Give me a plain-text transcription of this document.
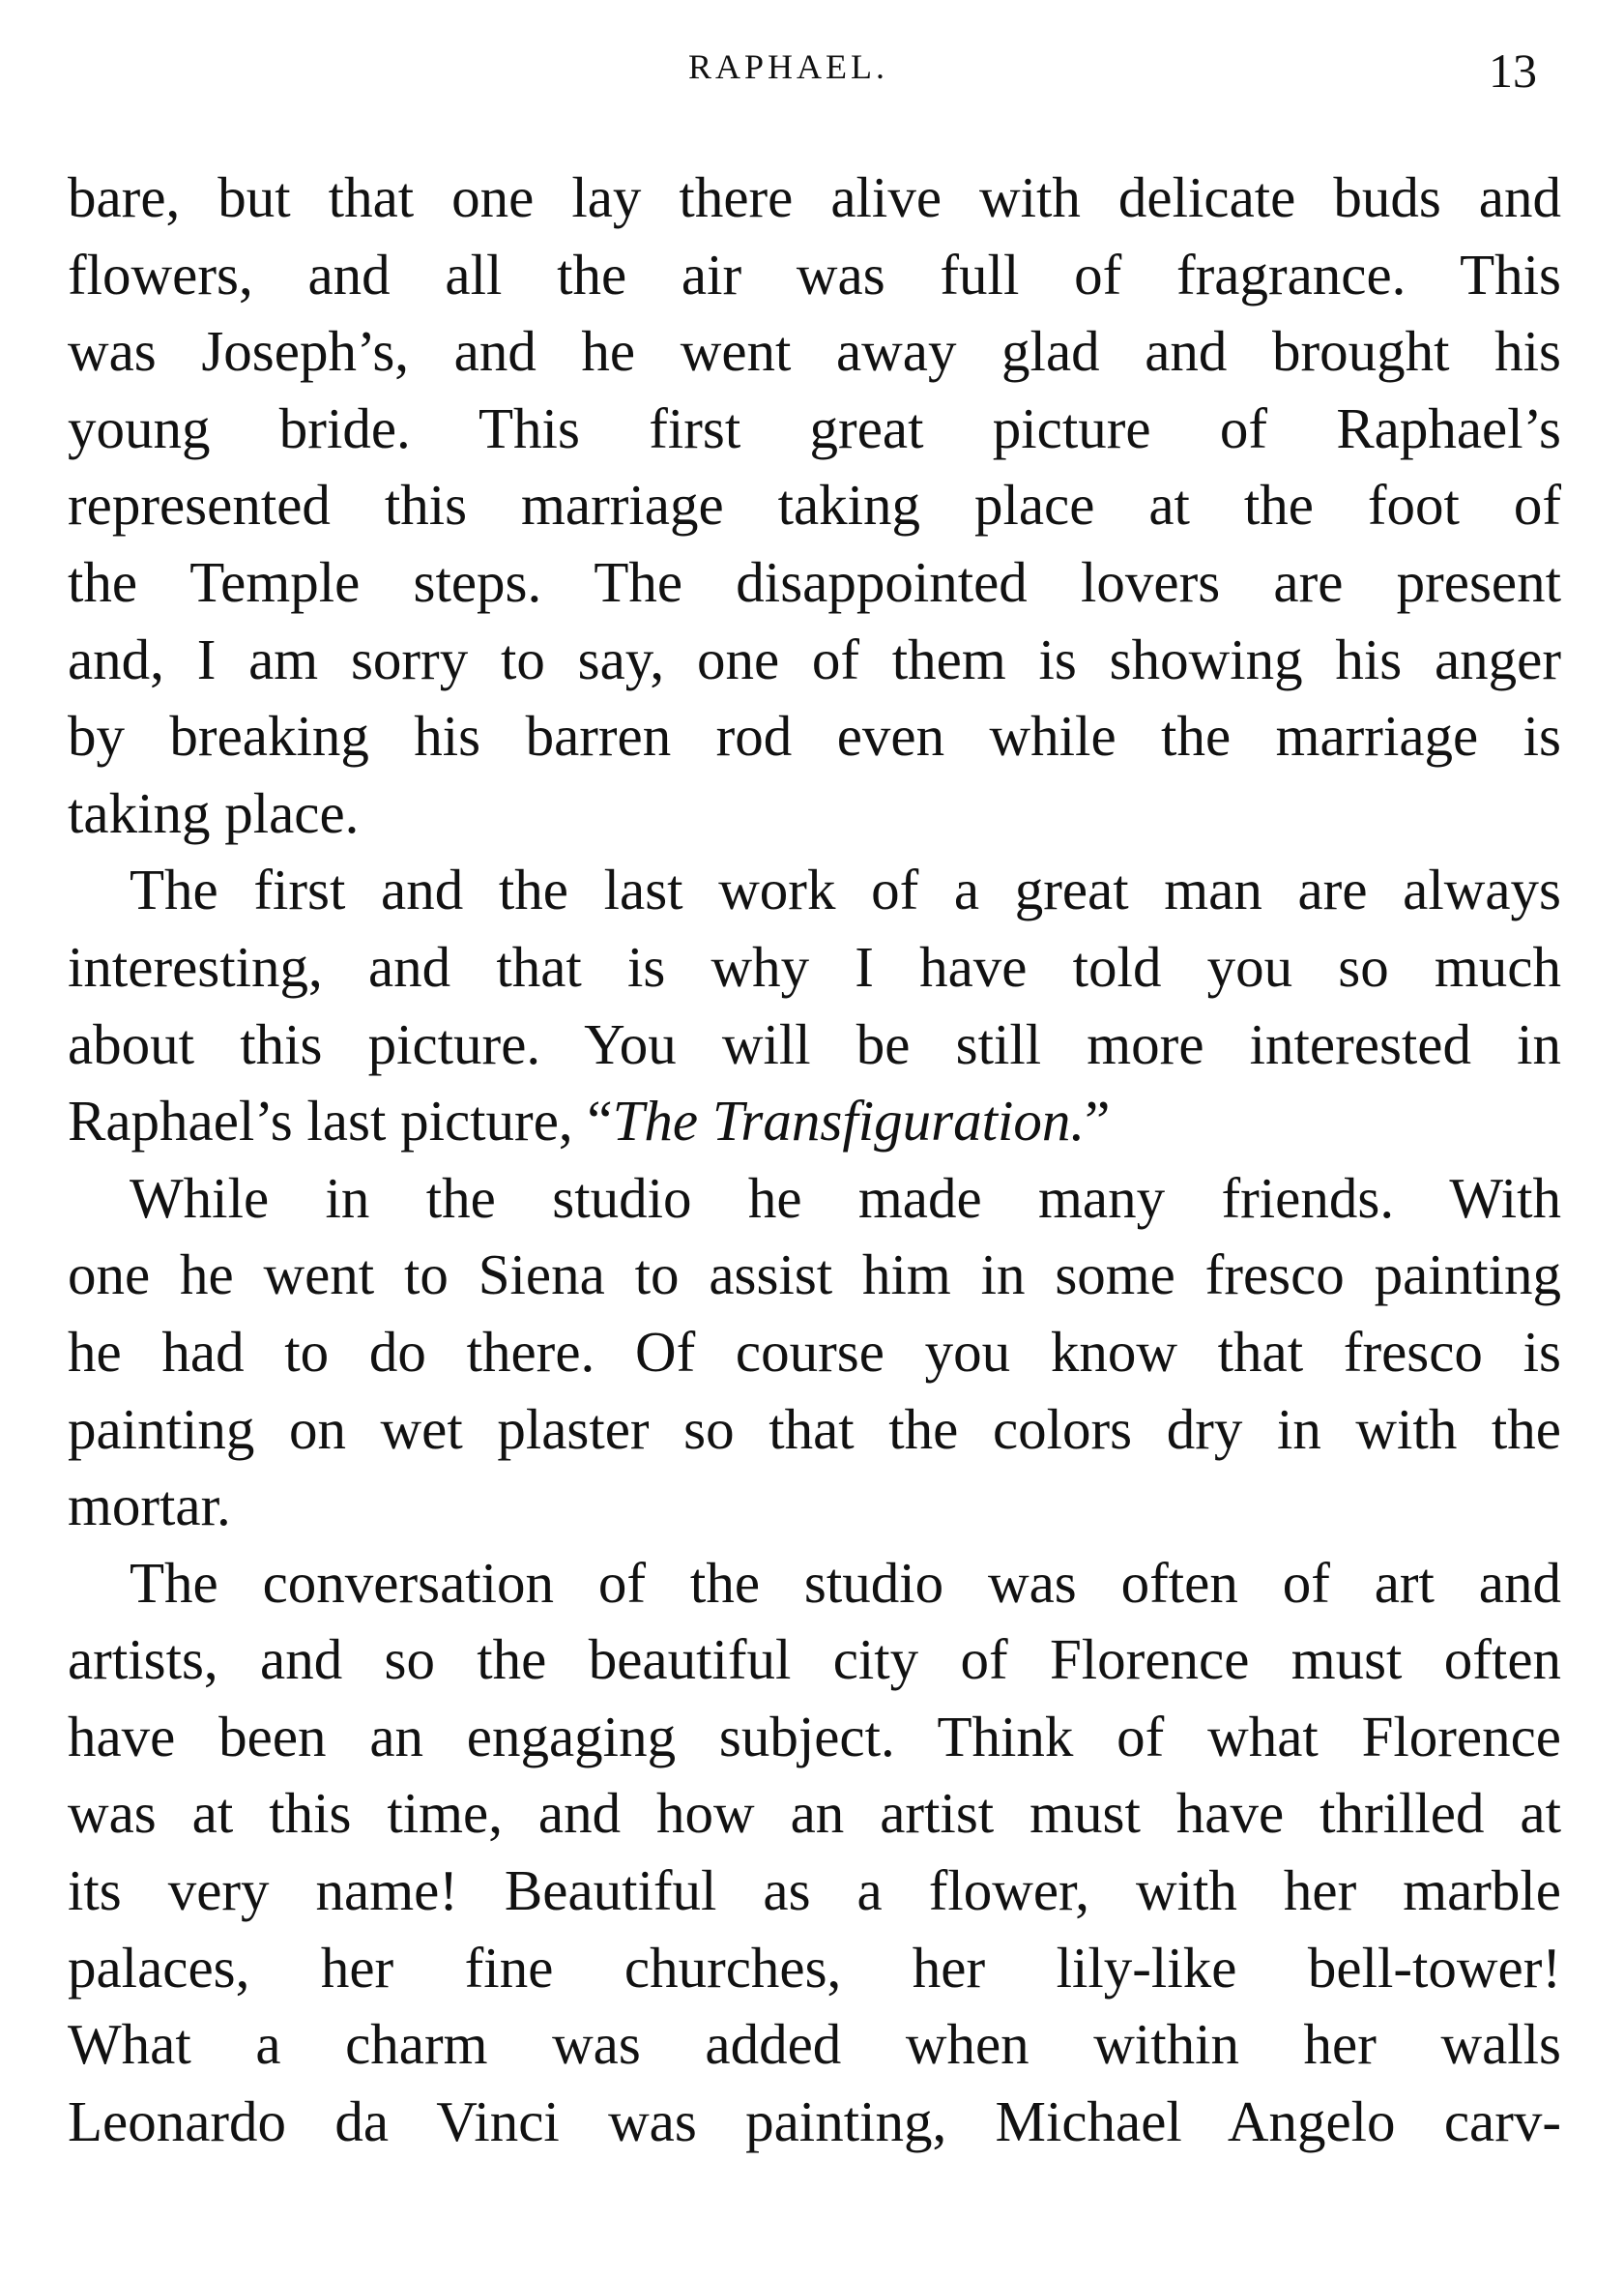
RAPHAEL.	13
bare, but that one lay there alive with delicate buds and
flowers, and all the air was full of fragrance. This
was Joseph’s, and he went away glad and brought his
young bride. This first great picture of Raphael’s
represented this marriage taking place at the foot of
the Temple steps. The disappointed lovers are present
and, I am sorry to say, one of them is showing his anger
by breaking his barren rod even while the marriage is
taking place.
The first and the last work of a great man are always
interesting, and that is why I have told you so much
about this picture. You will be still more interested in
Raphael’s last picture, “The Transfiguration.”
While in the studio he made many friends. With
one he went to Siena to assist him in some fresco painting
he had to do there. Of course you know that fresco is
painting on wet plaster so that the colors dry in with the
mortar.
The conversation of the studio was often of art and
artists, and so the beautiful city of Florence must often
have been an engaging subject. Think of what Florence
was at this time, and how an artist must have thrilled at
its very name! Beautiful as a flower, with her marble
palaces, her fine churches, her lily-like bell-tower!
What a charm was added when within her walls
Leonardo da Vinci was painting, Michael Angelo carv-
